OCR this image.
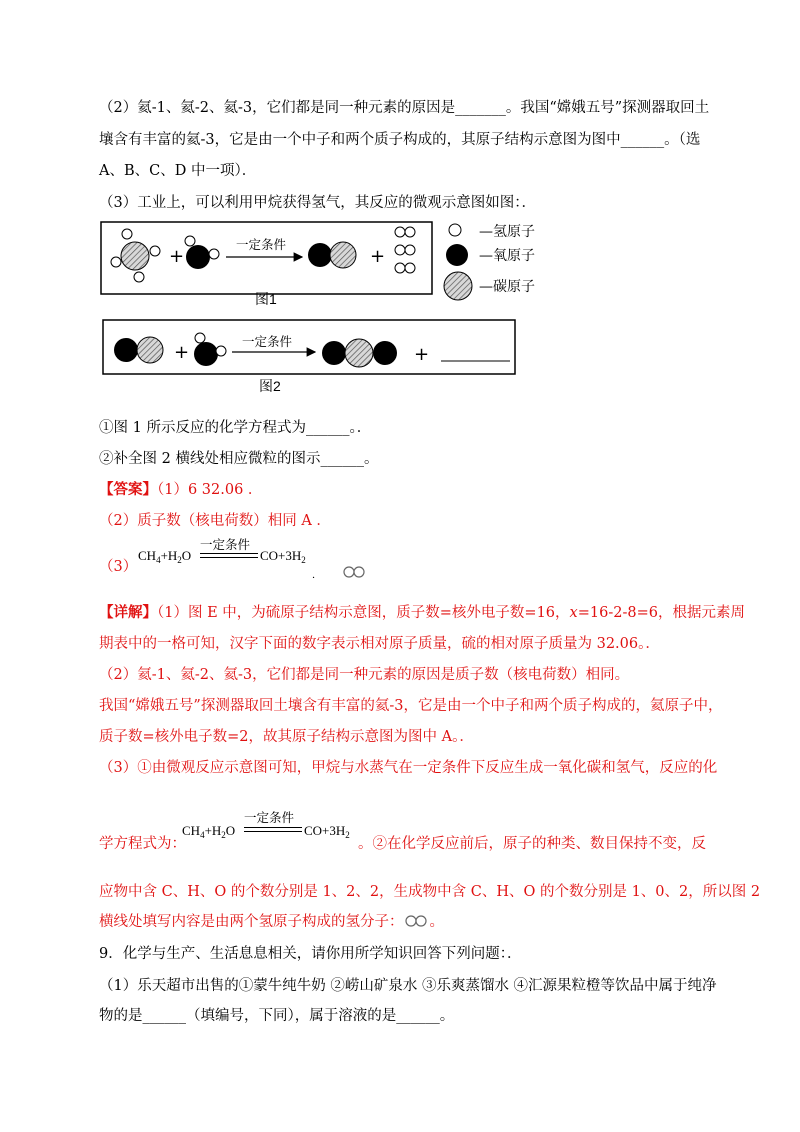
（2）氦-1、氦-2、氦-3，它们都是同一种元素的原因是_______。我国“嫦娥五号”探测器取回土
壤含有丰富的氦-3，它是由一个中子和两个质子构成的，其原子结构示意图为图中______。（选
A、B、C、D 中一项）．
（3）工业上，可以利用甲烷获得氢气，其反应的微观示意图如图：．
+	+
一定条件
—氢原子
—氧原子
—碳原子
图1
+	+
一定条件
图2
①图 1 所示反应的化学方程式为______。．
②补全图 2 横线处相应微粒的图示______。
【答案】（1）6 32.06 ．
（2）质子数（核电荷数）相同 A ．
（3）
$CH_4+H_2O$
一定条件
$CO+3H_2$
．
【详解】（1）图 E 中，为硫原子结构示意图，质子数=核外电子数=16，x=16-2-8=6，根据元素周
期表中的一格可知，汉字下面的数字表示相对原子质量，硫的相对原子质量为 32.06。．
（2）氦-1、氦-2、氦-3，它们都是同一种元素的原因是质子数（核电荷数）相同。
我国“嫦娥五号”探测器取回土壤含有丰富的氦-3，它是由一个中子和两个质子构成的，氦原子中，
质子数=核外电子数=2，故其原子结构示意图为图中 A。．
（3）①由微观反应示意图可知，甲烷与水蒸气在一定条件下反应生成一氧化碳和氢气，反应的化
学方程式为：
$CH_4+H_2O$
一定条件
$CO+3H_2$
。②在化学反应前后，原子的种类、数目保持不变，反
应物中含 C、H、O 的个数分别是 1、2、2，生成物中含 C、H、O 的个数分别是 1、0、2，所以图 2
横线处填写内容是由两个氢原子构成的氢分子： 。
9．化学与生产、生活息息相关，请你用所学知识回答下列问题：．
（1）乐天超市出售的①蒙牛纯牛奶 ②崂山矿泉水 ③乐爽蒸馏水 ④汇源果粒橙等饮品中属于纯净
物的是______（填编号，下同），属于溶液的是______。
